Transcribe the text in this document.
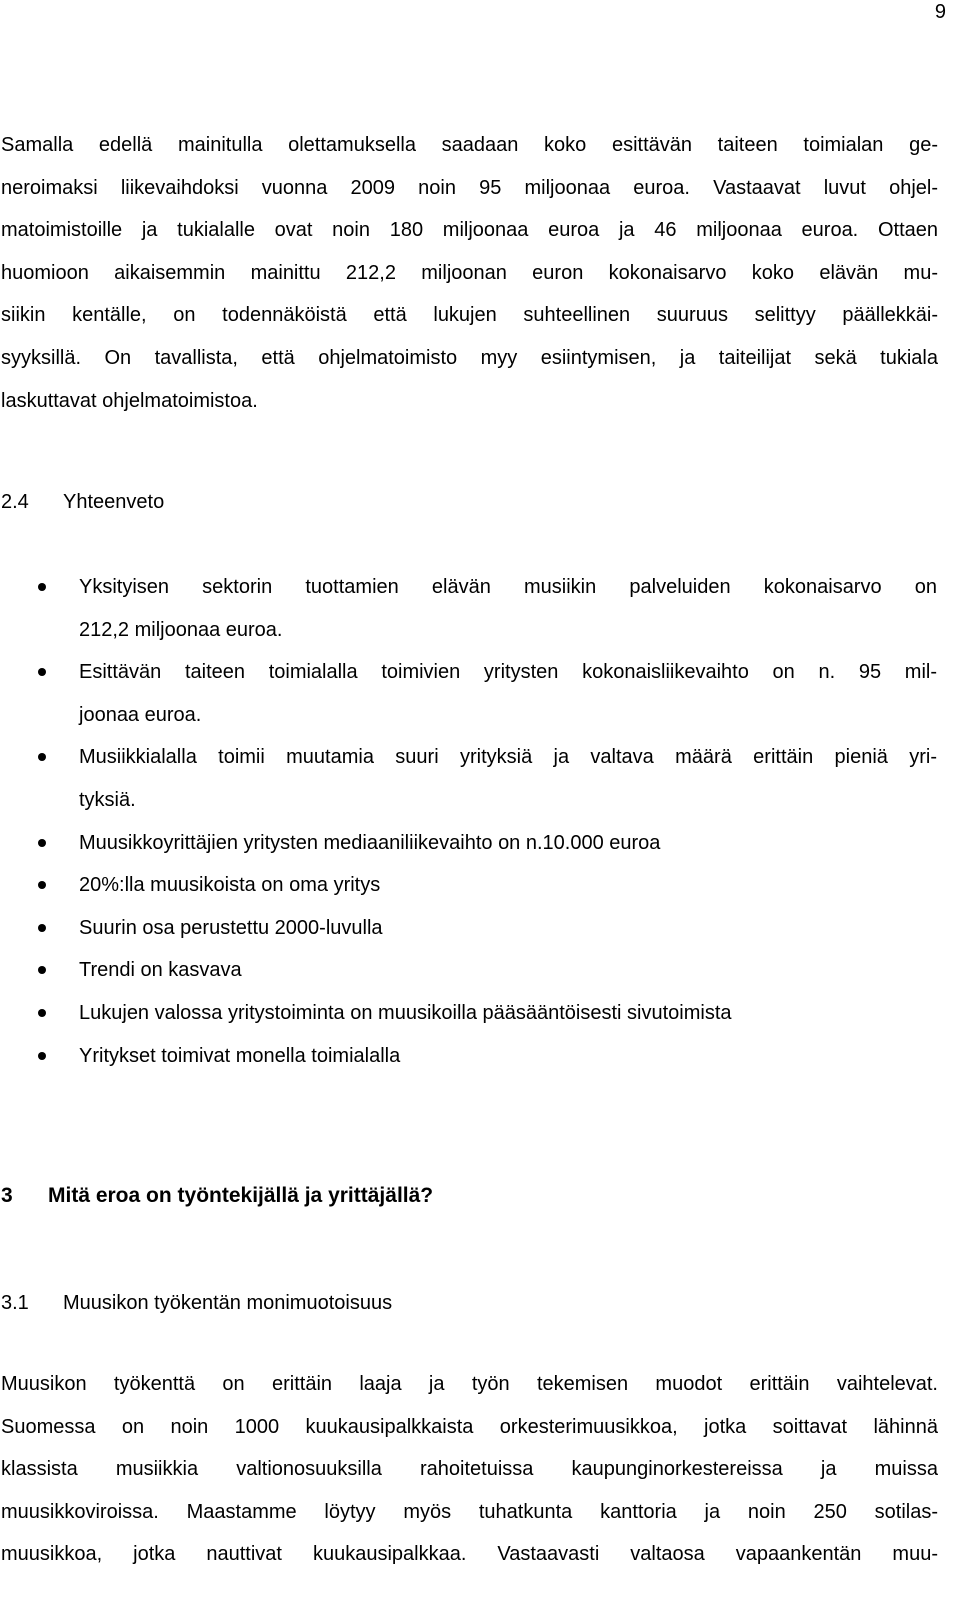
9

Samalla edellä mainitulla olettamuksella saadaan koko esittävän taiteen toimialan ge-
neroimaksi liikevaihdoksi vuonna 2009 noin 95 miljoonaa euroa. Vastaavat luvut ohjel-
matoimistoille ja tukialalle ovat noin 180 miljoonaa euroa ja 46 miljoonaa euroa. Ottaen
huomioon aikaisemmin mainittu 212,2 miljoonan euron kokonaisarvo koko elävän mu-
siikin kentälle, on todennäköistä että lukujen suhteellinen suuruus selittyy päällekkäi-
syyksillä. On tavallista, että ohjelmatoimisto myy esiintymisen, ja taiteilijat sekä tukiala
laskuttavat ohjelmatoimistoa.

2.4 Yhteenveto
Yksityisen sektorin tuottamien elävän musiikin palveluiden kokonaisarvo on
212,2 miljoonaa euroa.
Esittävän taiteen toimialalla toimivien yritysten kokonaisliikevaihto on n. 95 mil-
joonaa euroa.
Musiikkialalla toimii muutamia suuri yrityksiä ja valtava määrä erittäin pieniä yri-
tyksiä.
Muusikkoyrittäjien yritysten mediaaniliikevaihto on n.10.000 euroa
20%:lla muusikoista on oma yritys
Suurin osa perustettu 2000-luvulla
Trendi on kasvava
Lukujen valossa yritystoiminta on muusikoilla pääsääntöisesti sivutoimista
Yritykset toimivat monella toimialalla
3 Mitä eroa on työntekijällä ja yrittäjällä?
3.1 Muusikon työkentän monimuotoisuus

Muusikon työkenttä on erittäin laaja ja työn tekemisen muodot erittäin vaihtelevat.
Suomessa on noin 1000 kuukausipalkkaista orkesterimuusikkoa, jotka soittavat lähinnä
klassista musiikkia valtionosuuksilla rahoitetuissa kaupunginorkestereissa ja muissa
muusikkoviroissa. Maastamme löytyy myös tuhatkunta kanttoria ja noin 250 sotilas-
muusikkoa, jotka nauttivat kuukausipalkkaa. Vastaavasti valtaosa vapaankentän muu-
